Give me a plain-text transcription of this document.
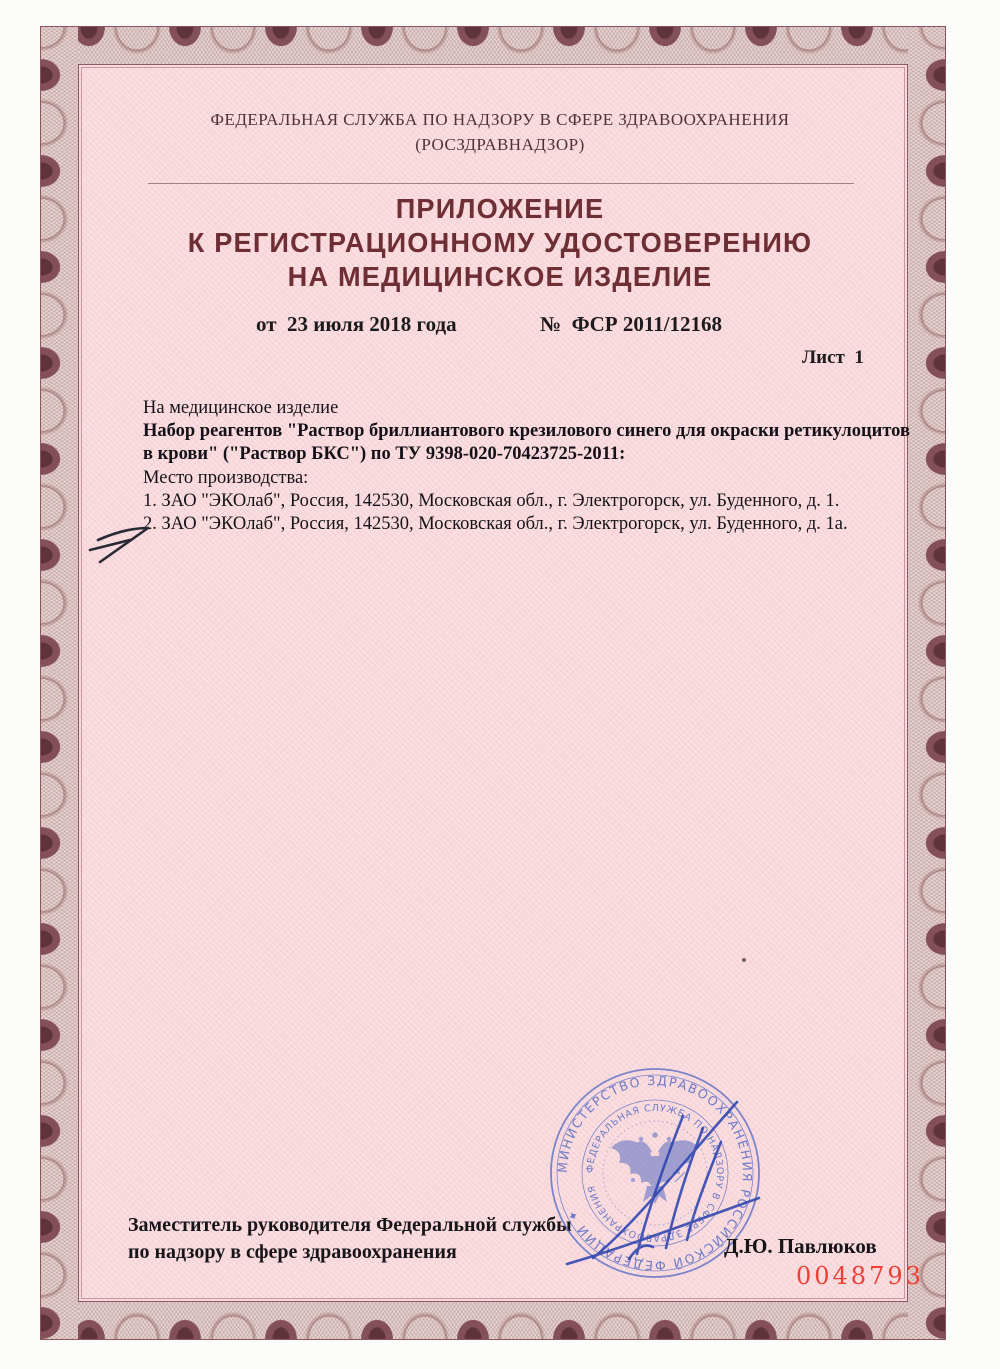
ФЕДЕРАЛЬНАЯ СЛУЖБА ПО НАДЗОРУ В СФЕРЕ ЗДРАВООХРАНЕНИЯ
(РОСЗДРАВНАДЗОР)
ПРИЛОЖЕНИЕ
К РЕГИСТРАЦИОННОМУ УДОСТОВЕРЕНИЮ
НА МЕДИЦИНСКОЕ ИЗДЕЛИЕ
от  23 июля 2018 года	№  ФСР 2011/12168
Лист  1

На медицинское изделие

Набор реагентов "Раствор бриллиантового крезилового синего для окраски ретикулоцитов в крови" ("Раствор БКС") по ТУ 9398-020-70423725-2011:

Место производства:

1. ЗАО "ЭКОлаб", Россия, 142530, Московская обл., г. Электрогорск, ул. Буденного, д. 1.

2. ЗАО "ЭКОлаб", Россия, 142530, Московская обл., г. Электрогорск, ул. Буденного, д. 1а.

Заместитель руководителя Федеральной службы
по надзору в сфере здравоохранения
МИНИСТЕРСТВО ЗДРАВООХРАНЕНИЯ РОССИЙСКОЙ ФЕДЕРАЦИИ ✦
ФЕДЕРАЛЬНАЯ СЛУЖБА ПО НАДЗОРУ В СФЕРЕ ЗДРАВООХРАНЕНИЯ
Д.Ю. Павлюков
0048793
